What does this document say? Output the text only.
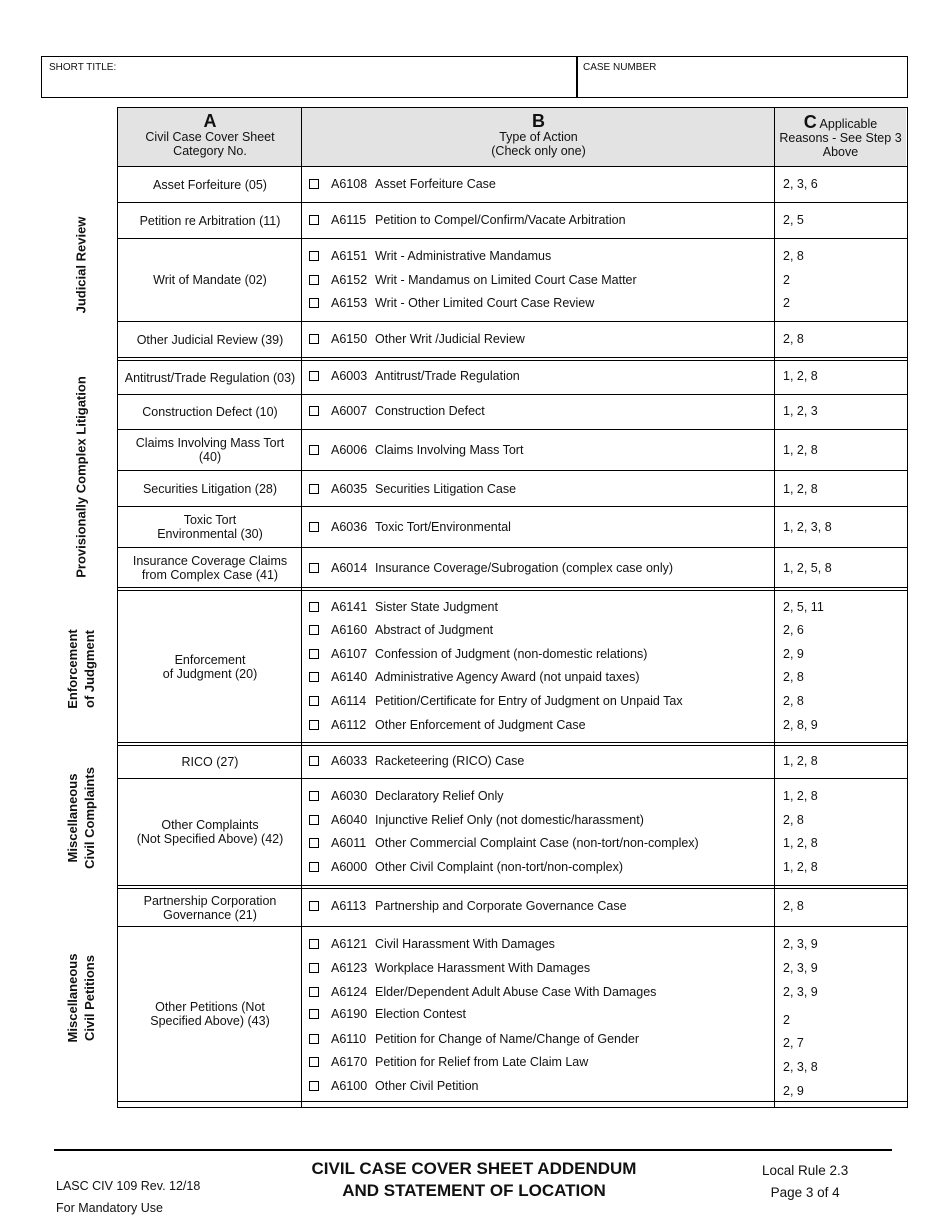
SHORT TITLE:	CASE NUMBER
Judicial Review
Provisionally Complex Litigation
Enforcement of Judgment
Miscellaneous Civil Complaints
Miscellaneous Civil Petitions
A
Civil Case Cover Sheet
Category No.
B
Type of Action
(Check only one)
C Applicable
Reasons - See Step 3
Above
Asset Forfeiture (05)
Petition re Arbitration (11)
Writ of Mandate (02)
Other Judicial Review (39)
Antitrust/Trade Regulation (03)
Construction Defect (10)
Claims Involving Mass Tort
(40)
Securities Litigation (28)
Toxic Tort
Environmental (30)
Insurance Coverage Claims
from Complex Case (41)
Enforcement
of Judgment (20)
RICO (27)
Other Complaints
(Not Specified Above) (42)
Partnership Corporation
Governance (21)
Other Petitions (Not
Specified Above) (43)
A6108 Asset Forfeiture Case
A6115 Petition to Compel/Confirm/Vacate Arbitration
A6151 Writ - Administrative Mandamus
A6152 Writ - Mandamus on Limited Court Case Matter
A6153 Writ - Other Limited Court Case Review
A6150 Other Writ /Judicial Review
A6003 Antitrust/Trade Regulation
A6007 Construction Defect
A6006 Claims Involving Mass Tort
A6035 Securities Litigation Case
A6036 Toxic Tort/Environmental
A6014 Insurance Coverage/Subrogation (complex case only)
A6141 Sister State Judgment
A6160 Abstract of Judgment
A6107 Confession of Judgment (non-domestic relations)
A6140 Administrative Agency Award (not unpaid taxes)
A6114 Petition/Certificate for Entry of Judgment on Unpaid Tax
A6112 Other Enforcement of Judgment Case
A6033 Racketeering (RICO) Case
A6030 Declaratory Relief Only
A6040 Injunctive Relief Only (not domestic/harassment)
A6011 Other Commercial Complaint Case (non-tort/non-complex)
A6000 Other Civil Complaint (non-tort/non-complex)
A6113 Partnership and Corporate Governance Case
A6121 Civil Harassment With Damages
A6123 Workplace Harassment With Damages
A6124 Elder/Dependent Adult Abuse Case With Damages
A6190 Election Contest
A6110 Petition for Change of Name/Change of Gender
A6170 Petition for Relief from Late Claim Law
A6100 Other Civil Petition
2, 3, 6
2, 5
2, 8
2
2
2, 8
1, 2, 8
1, 2, 3
1, 2, 8
1, 2, 8
1, 2, 3, 8
1, 2, 5, 8
2, 5, 11
2, 6
2, 9
2, 8
2, 8
2, 8, 9
1, 2, 8
1, 2, 8
2, 8
1, 2, 8
1, 2, 8
2, 8
2, 3, 9
2, 3, 9
2, 3, 9
2
2, 7
2, 3, 8
2, 9
LASC CIV 109 Rev. 12/18
For Mandatory Use
CIVIL CASE COVER SHEET ADDENDUM
AND STATEMENT OF LOCATION
Local Rule 2.3
Page 3 of 4
